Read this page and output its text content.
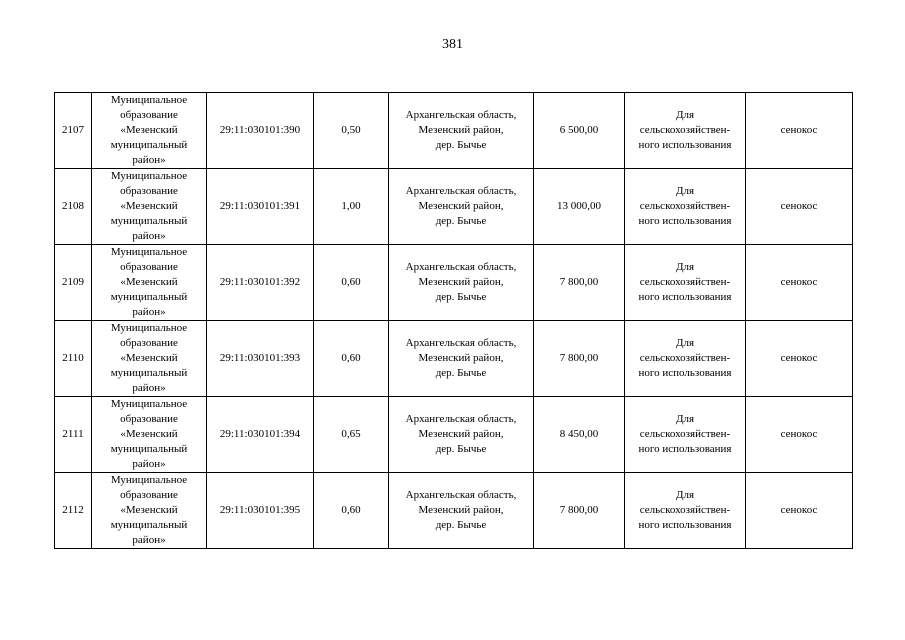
381
2107	Муниципальное
образование
«Мезенский
муниципальный
район»	29:11:030101:390	0,50	Архангельская область,
Мезенский район,
дер. Бычье	6 500,00	Для
сельскохозяйствен-
ного использования	сенокос
2108	Муниципальное
образование
«Мезенский
муниципальный
район»	29:11:030101:391	1,00	Архангельская область,
Мезенский район,
дер. Бычье	13 000,00	Для
сельскохозяйствен-
ного использования	сенокос
2109	Муниципальное
образование
«Мезенский
муниципальный
район»	29:11:030101:392	0,60	Архангельская область,
Мезенский район,
дер. Бычье	7 800,00	Для
сельскохозяйствен-
ного использования	сенокос
2110	Муниципальное
образование
«Мезенский
муниципальный
район»	29:11:030101:393	0,60	Архангельская область,
Мезенский район,
дер. Бычье	7 800,00	Для
сельскохозяйствен-
ного использования	сенокос
2111	Муниципальное
образование
«Мезенский
муниципальный
район»	29:11:030101:394	0,65	Архангельская область,
Мезенский район,
дер. Бычье	8 450,00	Для
сельскохозяйствен-
ного использования	сенокос
2112	Муниципальное
образование
«Мезенский
муниципальный
район»	29:11:030101:395	0,60	Архангельская область,
Мезенский район,
дер. Бычье	7 800,00	Для
сельскохозяйствен-
ного использования	сенокос
